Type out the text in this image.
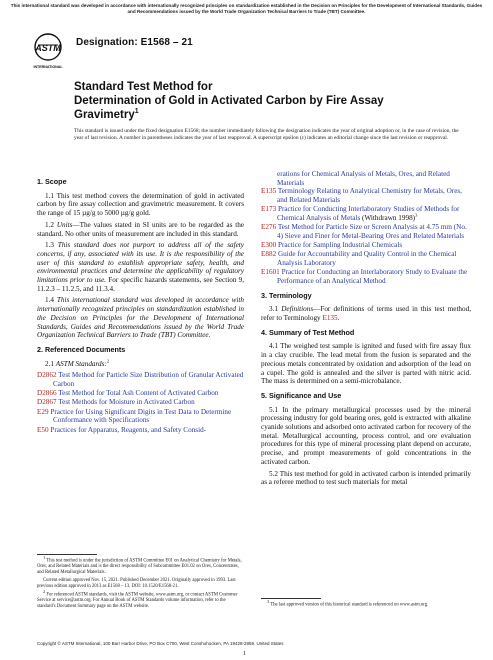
This international standard was developed in accordance with internationally recognized principles on standardization established in the Decision on Principles for the Development of International Standards, Guides and Recommendations issued by the World Trade Organization Technical Barriers to Trade (TBT) Committee.
ASTM
INTERNATIONAL
Designation: E1568 – 21
Standard Test Method for
Determination of Gold in Activated Carbon by Fire Assay
Gravimetry$^1$
This standard is issued under the fixed designation E1568; the number immediately following the designation indicates the year of original adoption or, in the case of revision, the year of last revision. A number in parentheses indicates the year of last reapproval. A superscript epsilon (ε) indicates an editorial change since the last revision or reapproval.
1. Scope
1.1 This test method covers the determination of gold in activated carbon by fire assay collection and gravimetric measurement. It covers the range of 15 µg/g to 5000 µg/g gold.
1.2 Units—The values stated in SI units are to be regarded as the standard. No other units of measurement are included in this standard.
1.3 This standard does not purport to address all of the safety concerns, if any, associated with its use. It is the responsibility of the user of this standard to establish appropriate safety, health, and environmental practices and determine the applicability of regulatory limitations prior to use. For specific hazards statements, see Section 9, 11.2.3 – 11.2.5, and 11.3.4.
1.4 This international standard was developed in accordance with internationally recognized principles on standardization established in the Decision on Principles for the Development of International Standards, Guides and Recommendations issued by the World Trade Organization Technical Barriers to Trade (TBT) Committee.
2. Referenced Documents
2.1 ASTM Standards:$^2$
D2862 Test Method for Particle Size Distribution of Granular Activated Carbon
D2866 Test Method for Total Ash Content of Activated Carbon
D2867 Test Methods for Moisture in Activated Carbon
E29 Practice for Using Significant Digits in Test Data to Determine Conformance with Specifications
E50 Practices for Apparatus, Reagents, and Safety Consid-
erations for Chemical Analysis of Metals, Ores, and Related Materials
E135 Terminology Relating to Analytical Chemistry for Metals, Ores, and Related Materials
E173 Practice for Conducting Interlaboratory Studies of Methods for Chemical Analysis of Metals (Withdrawn 1998)$^3$
E276 Test Method for Particle Size or Screen Analysis at 4.75 mm (No. 4) Sieve and Finer for Metal-Bearing Ores and Related Materials
E300 Practice for Sampling Industrial Chemicals
E882 Guide for Accountability and Quality Control in the Chemical Analysis Laboratory
E1601 Practice for Conducting an Interlaboratory Study to Evaluate the Performance of an Analytical Method
3. Terminology
3.1 Definitions—For definitions of terms used in this test method, refer to Terminology E135.
4. Summary of Test Method
4.1 The weighed test sample is ignited and fused with fire assay flux in a clay crucible. The lead metal from the fusion is separated and the precious metals concentrated by oxidation and adsorption of the lead on a cupel. The gold is annealed and the silver is parted with nitric acid. The mass is determined on a semi-microbalance.
5. Significance and Use
5.1 In the primary metallurgical processes used by the mineral processing industry for gold bearing ores, gold is extracted with alkaline cyanide solutions and adsorbed onto activated carbon for recovery of the metal. Metallurgical accounting, process control, and ore evaluation procedures for this type of mineral processing plant depend on accurate, precise, and prompt measurements of gold concentrations in the activated carbon.
5.2 This test method for gold in activated carbon is intended primarily as a referee method to test such materials for metal
1 This test method is under the jurisdiction of ASTM Committee E01 on Analytical Chemistry for Metals, Ores, and Related Materials and is the direct responsibility of Subcommittee E01.02 on Ores, Concentrates, and Related Metallurgical Materials.
Current edition approved Nov. 15, 2021. Published December 2021. Originally approved in 1993. Last previous edition approved in 2013 as E1568 – 13. DOI: 10.1520/E1568-21.
2 For referenced ASTM standards, visit the ASTM website, www.astm.org, or contact ASTM Customer Service at service@astm.org. For Annual Book of ASTM Standards volume information, refer to the standard's Document Summary page on the ASTM website.
3 The last approved version of this historical standard is referenced on www.astm.org.
Copyright © ASTM International, 100 Barr Harbor Drive, PO Box C700, West Conshohocken, PA 19428-2959. United States
1
